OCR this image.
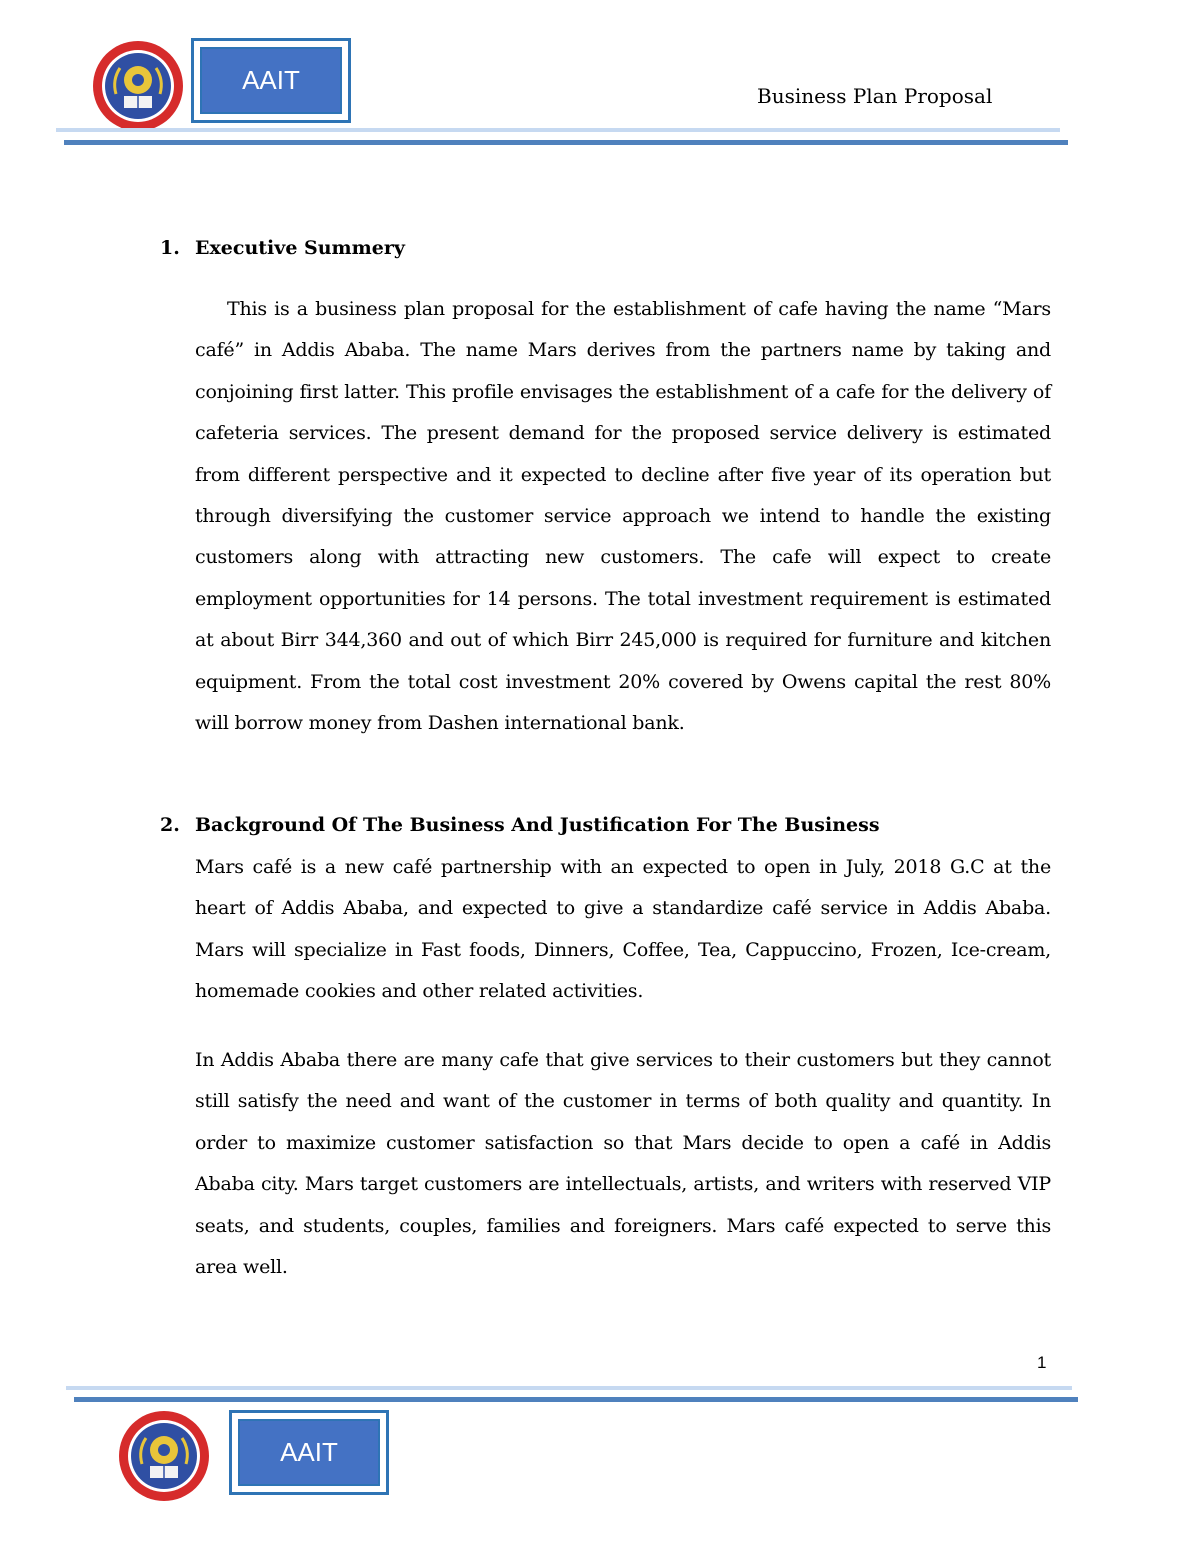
AAIT
Business Plan Proposal
1. Executive Summery
This is a business plan proposal for the establishment of cafe having the name “Mars café” in Addis Ababa. The name Mars derives from the partners name by taking and conjoining first latter. This profile envisages the establishment of a cafe for the delivery of cafeteria services. The present demand for the proposed service delivery is estimated from different perspective and it expected to decline after five year of its operation but through diversifying the customer service approach we intend to handle the existing customers along with attracting new customers. The cafe will expect to create employment opportunities for 14 persons. The total investment requirement is estimated at about Birr 344,360 and out of which Birr 245,000 is required for furniture and kitchen equipment. From the total cost investment 20% covered by Owens capital the rest 80% will borrow money from Dashen international bank.
2. Background Of The Business And Justification For The Business
Mars café is a new café partnership with an expected to open in July, 2018 G.C at the heart of Addis Ababa, and expected to give a standardize café service in Addis Ababa. Mars will specialize in Fast foods, Dinners, Coffee, Tea, Cappuccino, Frozen, Ice-cream, homemade cookies and other related activities.
In Addis Ababa there are many cafe that give services to their customers but they cannot still satisfy the need and want of the customer in terms of both quality and quantity. In order to maximize customer satisfaction so that Mars decide to open a café in Addis Ababa city. Mars target customers are intellectuals, artists, and writers with reserved VIP seats, and students, couples, families and foreigners. Mars café expected to serve this area well.
1
AAIT
